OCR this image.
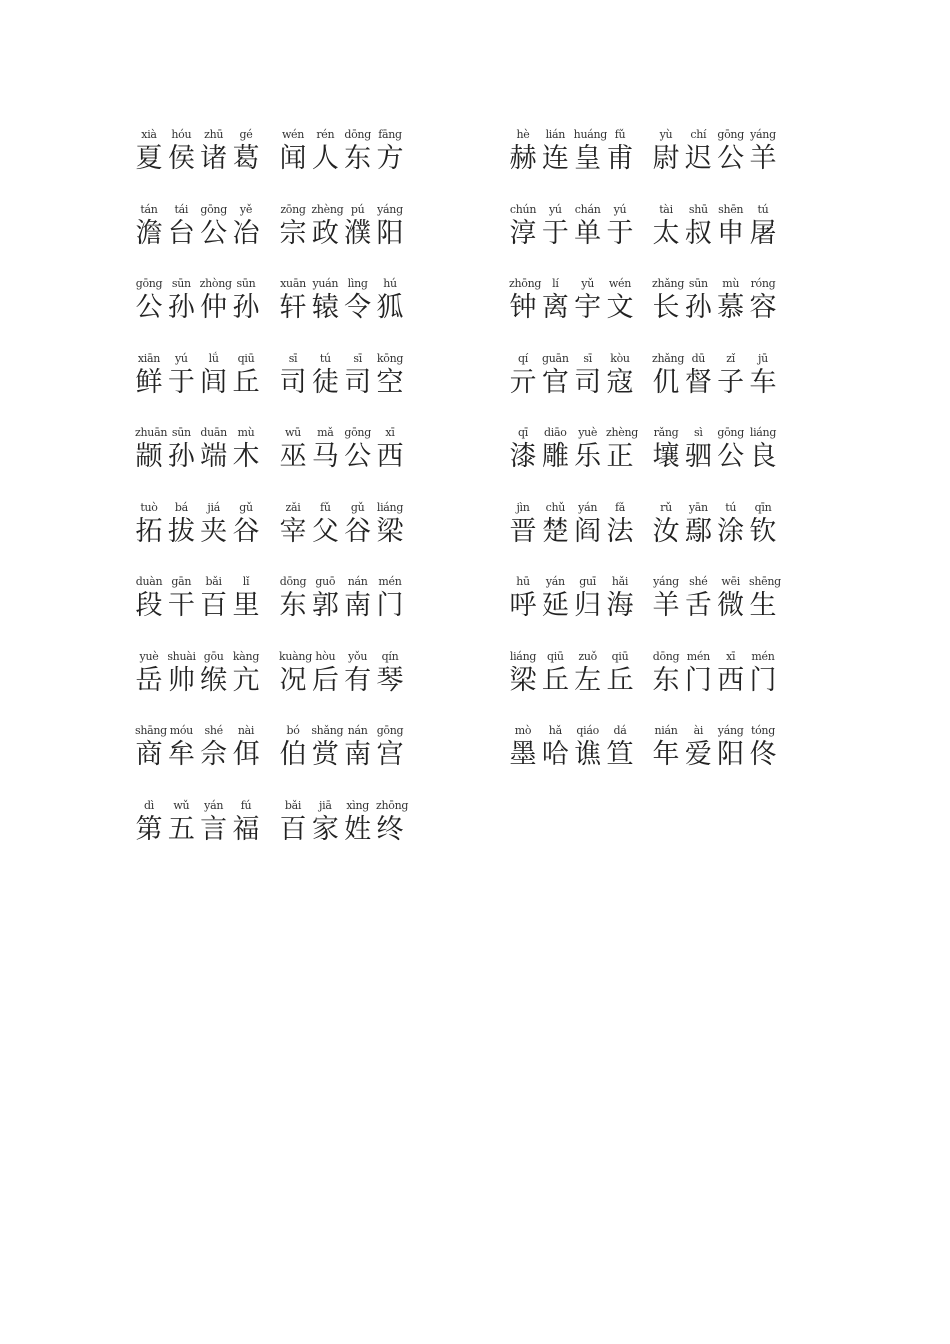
xià	hóu	zhū	gé
夏 侯 诸 葛
wén	rén dōng fāng
闻 人 东 方
hè	lián huáng fǔ
赫 连 皇 甫
yù	chí	gōng yáng
尉 迟 公 羊
tán	tái	gōng	yě
澹 台 公 冶
zōng zhèng pú	yáng
宗 政 濮 阳
chún	yú	chán	yú
淳 于 单 于
tài	shū shēn	tú
太 叔 申 屠
gōng sūn zhòng sūn
公 孙 仲 孙
xuān yuán lìng	hú
轩 辕 令 狐
zhōng lí	yǔ	wén
钟 离 宇 文
zhǎng sūn	mù	róng
长 孙 慕 容
xiān	yú	lǘ	qiū
鲜 于 闾 丘
sī	tú	sī	kōng
司 徒 司 空
qí	guān	sī	kòu
亓 官 司 寇
zhǎng dū	zǐ	jū
仉 督 子 车
zhuān sūn duān mù
颛 孙 端 木
wū	mǎ gōng	xī
巫 马 公 西
qī	diāo	yuè zhèng
漆 雕 乐 正
rǎng	sì	gōng liáng
壤 驷 公 良
tuò	bá	jiá	gǔ
拓 拔 夹 谷
zǎi	fǔ	gǔ	liáng
宰 父 谷 梁
jìn	chǔ	yán	fǎ
晋 楚 阎 法
rǔ	yān	tú	qīn
汝 鄢 涂 钦
duàn gān	bǎi	lǐ
段 干 百 里
dōng guō	nán mén
东 郭 南 门
hū	yán	guī	hǎi
呼 延 归 海
yáng shé	wēi shēng
羊 舌 微 生
yuè shuài gōu kàng
岳 帅 缑 亢
kuàng hòu	yǒu	qín
况 后 有 琴
liáng qiū	zuǒ	qiū
梁 丘 左 丘
dōng mén	xī	mén
东 门 西 门
shāng móu	shé	nài
商 牟 佘 佴
bó	shǎng nán gōng
伯 赏 南 宫
mò	hǎ	qiáo	dá
墨 哈 谯 笪
nián	ài	yáng tóng
年 爱 阳 佟
dì	wǔ	yán	fú
第 五 言 福
bǎi	jiā	xìng zhōng
百 家 姓 终
